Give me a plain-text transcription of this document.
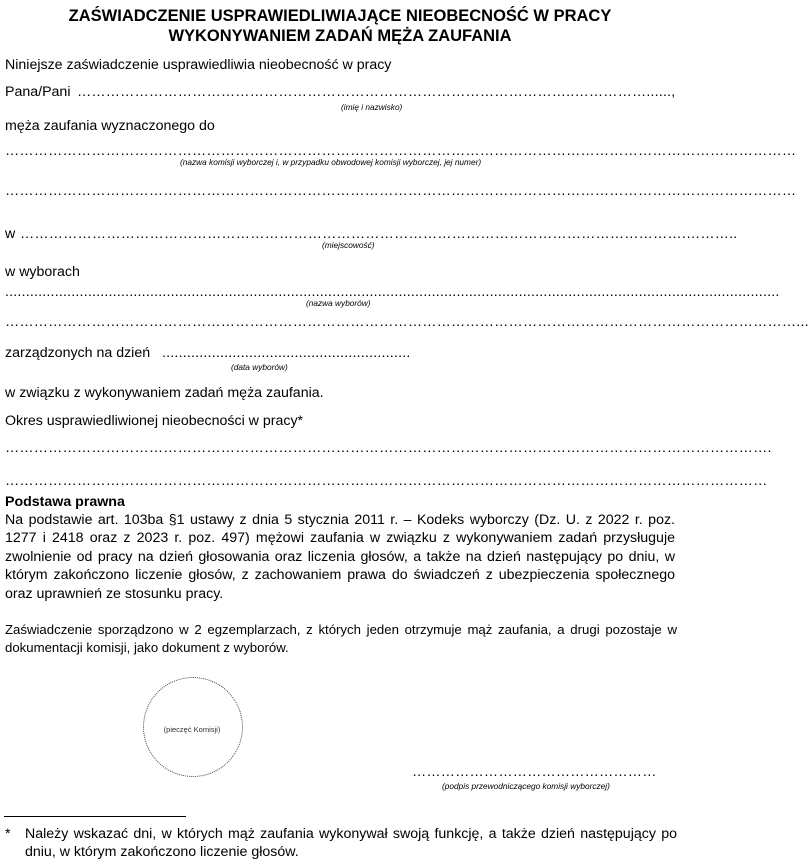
ZAŚWIADCZENIE USPRAWIEDLIWIAJĄCE NIEOBECNOŚĆ W PRACY
WYKONYWANIEM ZADAŃ MĘŻA ZAUFANIA
Niniejsze zaświadczenie usprawiedliwia nieobecność w pracy
Pana/Pani …………………………………………………………………………………………..……………......,
(imię i nazwisko)
męża zaufania wyznaczonego do
…………………………………………………………………………………………………………………………………………………
(nazwa komisji wyborczej i, w przypadku obwodowej komisji wyborczej, jej numer)
…………………………………………………………………………………………………………………………………………………
w ………………………………………………………………………………………………………………………….………..
(miejscowość)
w wyborach
...........................................................................................................................................................................................
(nazwa wyborów)
…………………………………………………………………………………………………………………………………………………...
zarządzonych na dzień ............................................................
(data wyborów)
w związku z wykonywaniem zadań męża zaufania.
Okres usprawiedliwionej nieobecności w pracy*
…………………………………………………………………………………………………………………………………………….
……………………………………………………………………………………………………………………………………………
Podstawa prawna
Na podstawie art. 103ba §1 ustawy z dnia 5 stycznia 2011 r. – Kodeks wyborczy (Dz. U. z 2022 r. poz. 1277 i 2418 oraz z 2023 r. poz. 497) mężowi zaufania w związku z wykonywaniem zadań przysługuje zwolnienie od pracy na dzień głosowania oraz liczenia głosów, a także na dzień następujący po dniu, w którym zakończono liczenie głosów, z zachowaniem prawa do świadczeń z ubezpieczenia społecznego oraz uprawnień ze stosunku pracy.
Zaświadczenie sporządzono w 2 egzemplarzach, z których jeden otrzymuje mąż zaufania, a drugi pozostaje w dokumentacji komisji, jako dokument z wyborów.
(pieczęć Komisji)
……………………………………………
(podpis przewodniczącego komisji wyborczej)
* Należy wskazać dni, w których mąż zaufania wykonywał swoją funkcję, a także dzień następujący po dniu, w którym zakończono liczenie głosów.
